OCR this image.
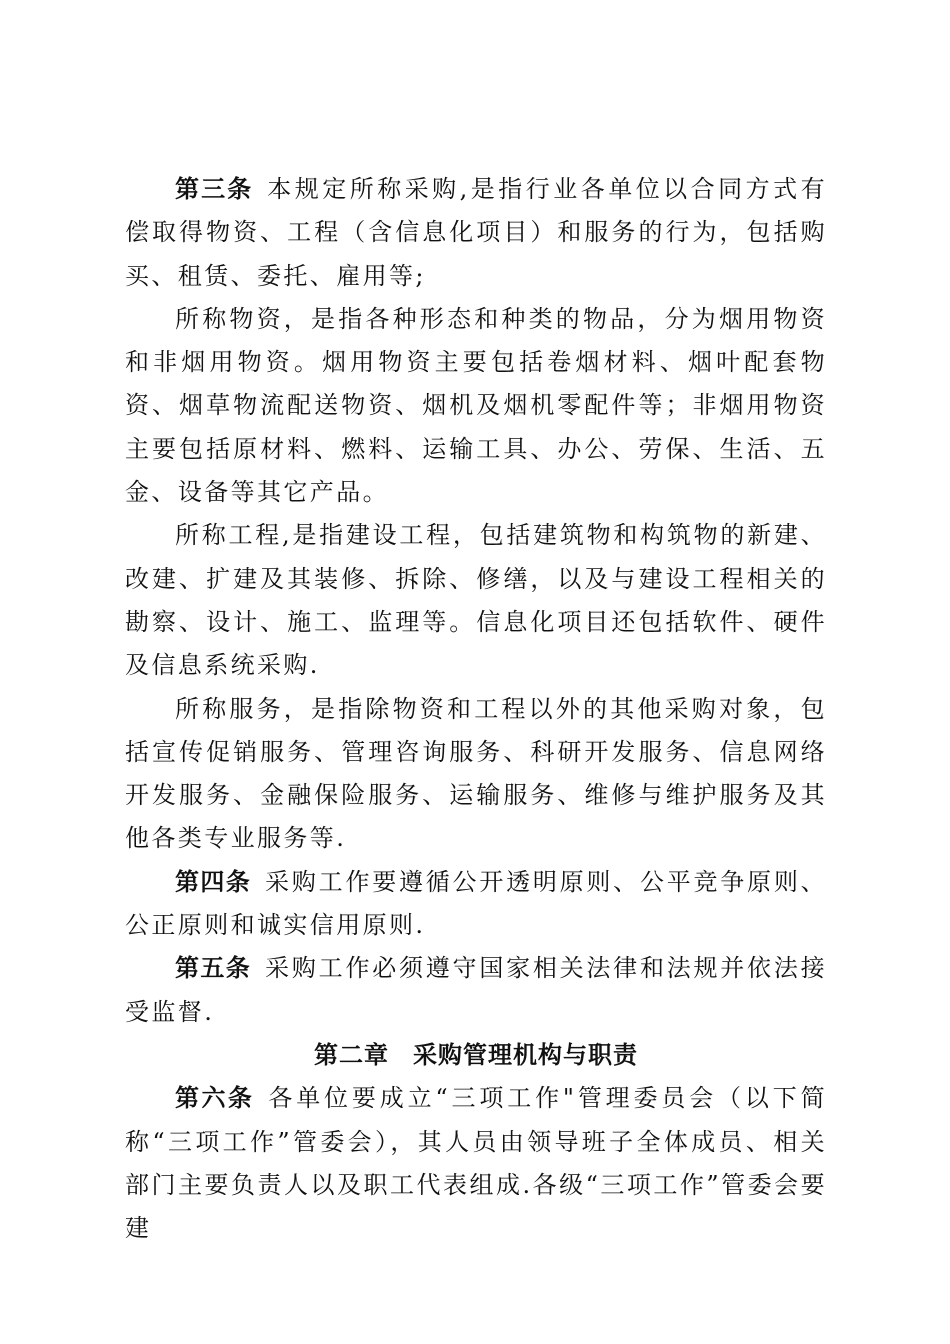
第三条 本规定所称采购,是指行业各单位以合同方式有偿取得物资、工程（含信息化项目）和服务的行为，包括购买、租赁、委托、雇用等;

所称物资，是指各种形态和种类的物品，分为烟用物资和非烟用物资。烟用物资主要包括卷烟材料、烟叶配套物资、烟草物流配送物资、烟机及烟机零配件等；非烟用物资主要包括原材料、燃料、运输工具、办公、劳保、生活、五金、设备等其它产品。

所称工程,是指建设工程，包括建筑物和构筑物的新建、改建、扩建及其装修、拆除、修缮，以及与建设工程相关的勘察、设计、施工、监理等。信息化项目还包括软件、硬件及信息系统采购.

所称服务，是指除物资和工程以外的其他采购对象，包括宣传促销服务、管理咨询服务、科研开发服务、信息网络开发服务、金融保险服务、运输服务、维修与维护服务及其他各类专业服务等.

第四条 采购工作要遵循公开透明原则、公平竞争原则、公正原则和诚实信用原则.

第五条 采购工作必须遵守国家相关法律和法规并依法接受监督.

第二章 采购管理机构与职责

第六条 各单位要成立“三项工作"管理委员会（以下简称“三项工作”管委会），其人员由领导班子全体成员、相关部门主要负责人以及职工代表组成.各级“三项工作”管委会要建
